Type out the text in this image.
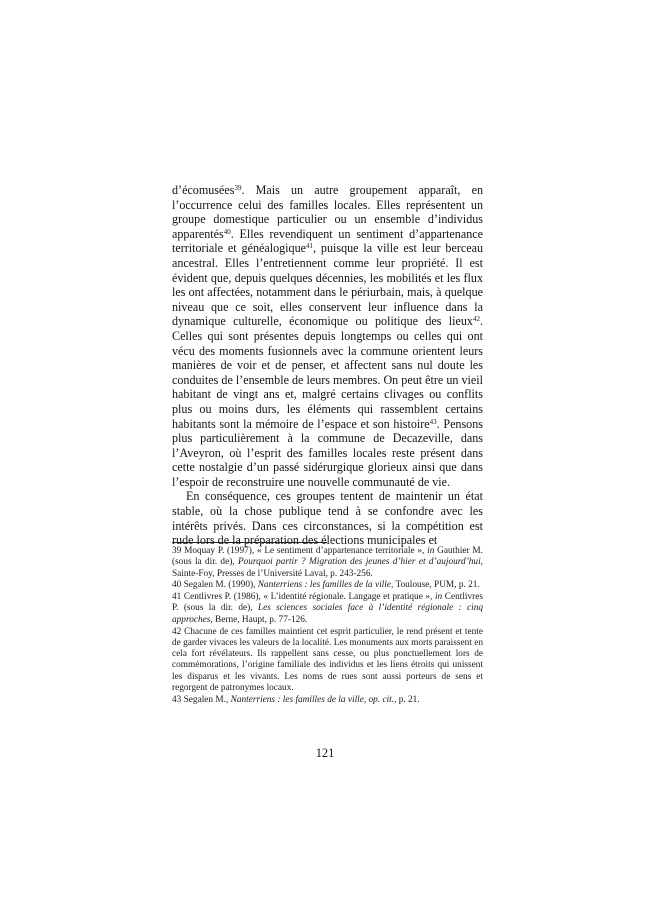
d’écomusées$^{39}$. Mais un autre groupement apparaît, en l’occurrence celui des familles locales. Elles représentent un groupe domestique particulier ou un ensemble d’individus apparentés$^{40}$. Elles revendiquent un sentiment d’appartenance territoriale et généalogique$^{41}$, puisque la ville est leur berceau ancestral. Elles l’entretiennent comme leur propriété. Il est évident que, depuis quelques décennies, les mobilités et les flux les ont affectées, notamment dans le périurbain, mais, à quelque niveau que ce soit, elles conservent leur influence dans la dynamique culturelle, économique ou politique des lieux$^{42}$. Celles qui sont présentes depuis longtemps ou celles qui ont vécu des moments fusionnels avec la commune orientent leurs manières de voir et de penser, et affectent sans nul doute les conduites de l’ensemble de leurs membres. On peut être un vieil habitant de vingt ans et, malgré certains clivages ou conflits plus ou moins durs, les éléments qui rassemblent certains habitants sont la mémoire de l’espace et son histoire$^{43}$. Pensons plus particulièrement à la commune de Decazeville, dans l’Aveyron, où l’esprit des familles locales reste présent dans cette nostalgie d’un passé sidérurgique glorieux ainsi que dans l’espoir de reconstruire une nouvelle communauté de vie.

En conséquence, ces groupes tentent de maintenir un état stable, où la chose publique tend à se confondre avec les intérêts privés. Dans ces circonstances, si la compétition est rude lors de la préparation des élections municipales et

39 Moquay P. (1997), « Le sentiment d’appartenance territoriale », in Gauthier M. (sous la dir. de), Pourquoi partir ? Migration des jeunes d’hier et d’aujourd’hui, Sainte-Foy, Presses de l’Université Laval, p. 243-256.

40 Segalen M. (1990), Nanterriens : les familles de la ville, Toulouse, PUM, p. 21.

41 Centlivres P. (1986), « L’identité régionale. Langage et pratique », in Centlivres P. (sous la dir. de), Les sciences sociales face à l’identité régionale : cinq approches, Berne, Haupt, p. 77-126.

42 Chacune de ces familles maintient cet esprit particulier, le rend présent et tente de garder vivaces les valeurs de la localité. Les monuments aux morts paraissent en cela fort révélateurs. Ils rappellent sans cesse, ou plus ponctuellement lors de commémorations, l’origine familiale des individus et les liens étroits qui unissent les disparus et les vivants. Les noms de rues sont aussi porteurs de sens et regorgent de patronymes locaux.

43 Segalen M., Nanterriens : les familles de la ville, op. cit., p. 21.

121
